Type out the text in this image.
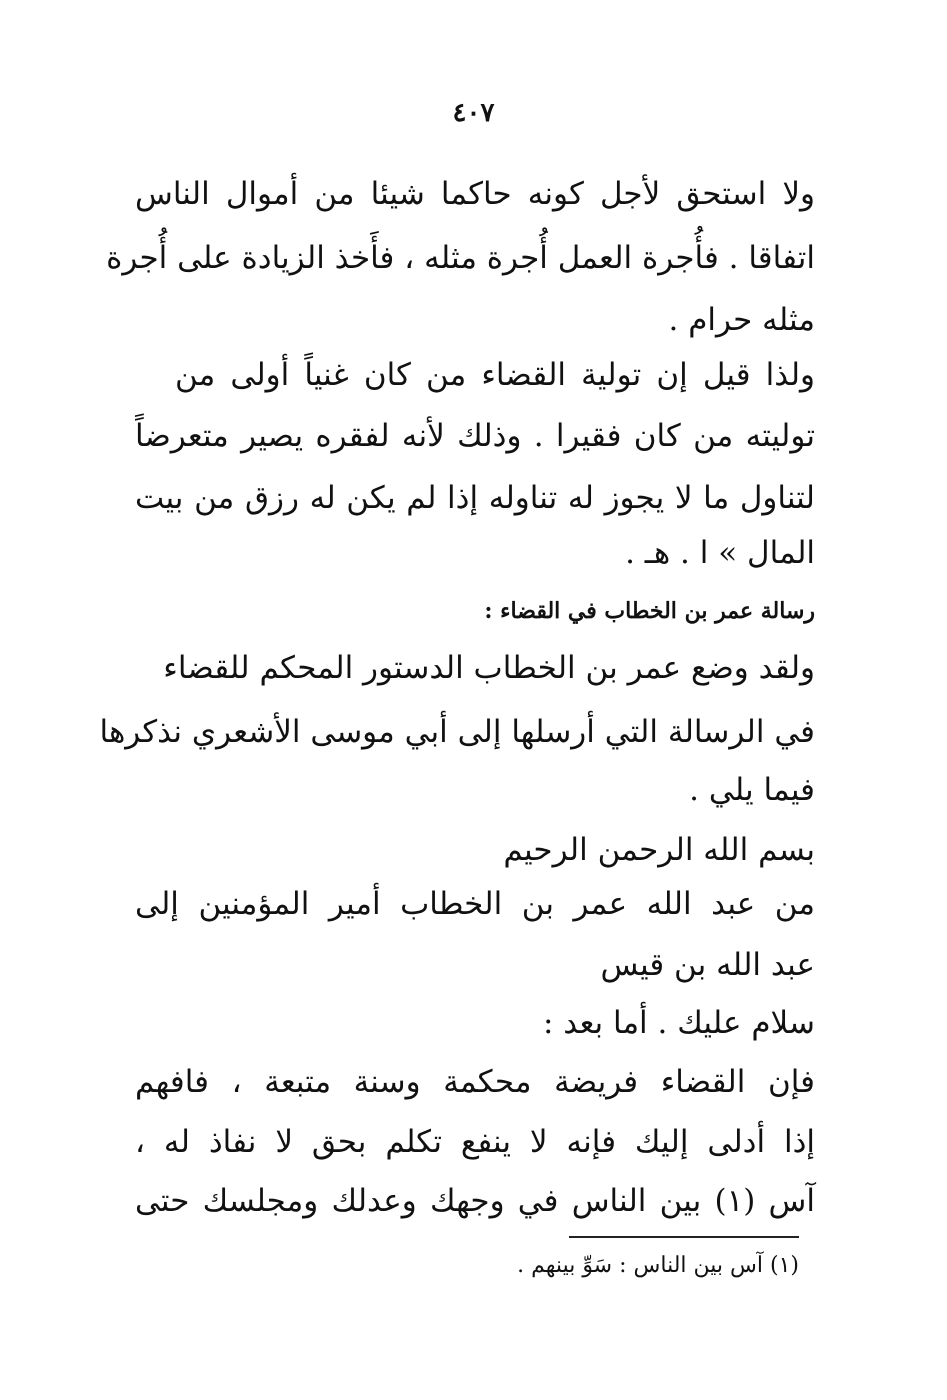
٤٠٧
ولا استحق لأجل كونه حاكما شيئا من أموال الناس
اتفاقا . فأُجرة العمل أُجرة مثله ، فأَخذ الزيادة على أُجرة
مثله حرام .
ولذا قيل إن تولية القضاء من كان غنياً أولى من
توليته من كان فقيرا . وذلك لأنه لفقره يصير متعرضاً
لتناول ما لا يجوز له تناوله إذا لم يكن له رزق من بيت
المال » ا . هـ .
رسالة عمر بن الخطاب في القضاء :
ولقد وضع عمر بن الخطاب الدستور المحكم للقضاء
في الرسالة التي أرسلها إلى أبي موسى الأشعري نذكرها
فيما يلي .
بسم الله الرحمن الرحيم
من عبد الله عمر بن الخطاب أمير المؤمنين إلى
عبد الله بن قيس
سلام عليك . أما بعد :
فإن القضاء فريضة محكمة وسنة متبعة ، فافهم
إذا أدلى إليك فإنه لا ينفع تكلم بحق لا نفاذ له ،
آس (١) بين الناس في وجهك وعدلك ومجلسك حتى
(١) آس بين الناس : سَوِّ بينهم .
